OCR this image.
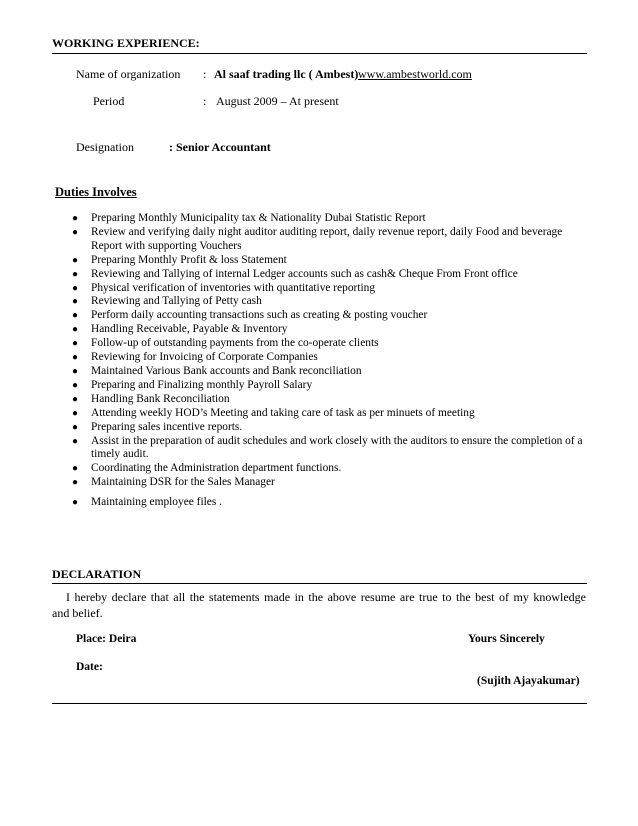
WORKING EXPERIENCE:
Name of organization : Al saaf trading llc ( Ambest) www.ambestworld.com
Period	: August 2009 – At present
Designation	: Senior Accountant
Duties Involves
● Preparing Monthly Municipality tax & Nationality Dubai Statistic Report
● Review and verifying daily night auditor auditing report, daily revenue report, daily Food and beverage
Report with supporting Vouchers
● Preparing Monthly Profit & loss Statement
● Reviewing and Tallying of internal Ledger accounts such as cash& Cheque From Front office
● Physical verification of inventories with quantitative reporting
● Reviewing and Tallying of Petty cash
● Perform daily accounting transactions such as creating & posting voucher
● Handling Receivable, Payable & Inventory
● Follow-up of outstanding payments from the co-operate clients
● Reviewing for Invoicing of Corporate Companies
● Maintained Various Bank accounts and Bank reconciliation
● Preparing and Finalizing monthly Payroll Salary
● Handling Bank Reconciliation
● Attending weekly HOD’s Meeting and taking care of task as per minuets of meeting
● Preparing sales incentive reports.
● Assist in the preparation of audit schedules and work closely with the auditors to ensure the completion of a
timely audit.
● Coordinating the Administration department functions.
● Maintaining DSR for the Sales Manager
● Maintaining employee files .
DECLARATION
I hereby declare that all the statements made in the above resume are true to the best of my knowledge
and belief.
Place: Deira	Yours Sincerely
Date:
(Sujith Ajayakumar)
